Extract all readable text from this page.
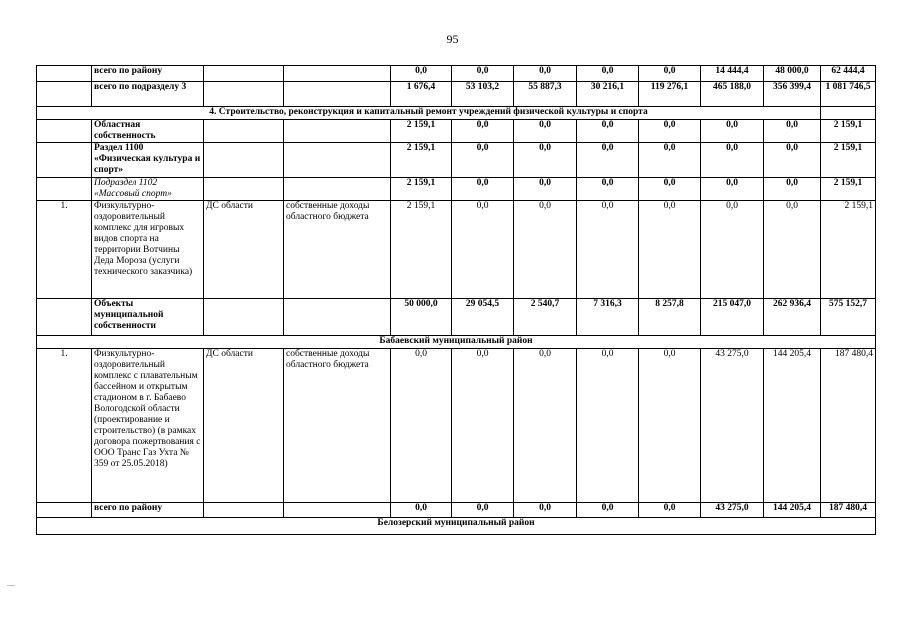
95
	всего по району			0,0	0,0	0,0	0,0	0,0	14 444,4	48 000,0	62 444,4
	всего по подразделу 3			1 676,4	53 103,2	55 887,3	30 216,1	119 276,1	465 188,0	356 399,4	1 081 746,5
4. Строительство, реконструкция и капитальный ремонт учреждений физической культуры и спорта											
	Областная собственность			2 159,1	0,0	0,0	0,0	0,0	0,0	0,0	2 159,1
	Раздел 1100 «Физическая культура и спорт»			2 159,1	0,0	0,0	0,0	0,0	0,0	0,0	2 159,1
	Подраздел 1102 «Массовый спорт»			2 159,1	0,0	0,0	0,0	0,0	0,0	0,0	2 159,1
1.	Физкультурно-оздоровительный комплекс для игровых видов спорта на территории Вотчины Деда Мороза (услуги технического заказчика)	ДС области	собственные доходы областного бюджета	2 159,1	0,0	0,0	0,0	0,0	0,0	0,0	2 159,1
	Объекты муниципальной собственности			50 000,0	29 054,5	2 540,7	7 316,3	8 257,8	215 047,0	262 936,4	575 152,7
Бабаевский муниципальный район											
1.	Физкультурно-оздоровительный комплекс с плавательным бассейном и открытым стадионом в г. Бабаево Вологодской области (проектирование и строительство) (в рамках договора пожертвования с ООО Транс Газ Ухта № 359 от 25.05.2018)	ДС области	собственные доходы областного бюджета	0,0	0,0	0,0	0,0	0,0	43 275,0	144 205,4	187 480,4
	всего по району			0,0	0,0	0,0	0,0	0,0	43 275,0	144 205,4	187 480,4
Белозерский муниципальный район											
....
